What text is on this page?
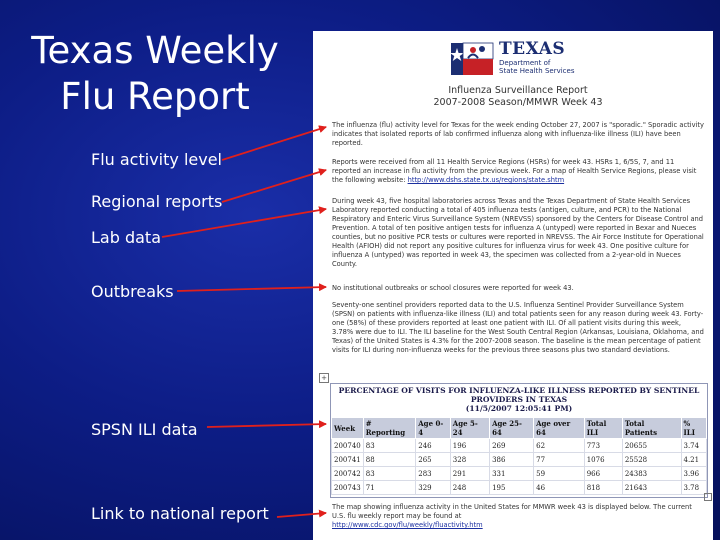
Texas Weekly
Flu Report
Flu activity level
Regional reports
Lab data
Outbreaks
SPSN ILI data
Link to national report
TEXAS
Department of
State Health Services
Influenza Surveillance Report
2007-2008 Season/MMWR Week 43
The influenza (flu) activity level for Texas for the week ending October 27, 2007 is "sporadic." Sporadic activity indicates that isolated reports of lab confirmed influenza along with influenza-like illness (ILI) have been reported.
Reports were received from all 11 Health Service Regions (HSRs) for week 43. HSRs 1, 6/5S, 7, and 11 reported an increase in flu activity from the previous week. For a map of Health Service Regions, please visit the following website: http://www.dshs.state.tx.us/regions/state.shtm
During week 43, five hospital laboratories across Texas and the Texas Department of State Health Services Laboratory reported conducting a total of 405 influenza tests (antigen, culture, and PCR) to the National Respiratory and Enteric Virus Surveillance System (NREVSS) sponsored by the Centers for Disease Control and Prevention. A total of ten positive antigen tests for influenza A (untyped) were reported in Bexar and Nueces counties, but no positive PCR tests or cultures were reported in NREVSS. The Air Force Institute for Operational Health (AFIOH) did not report any positive cultures for influenza virus for week 43. One positive culture for influenza A (untyped) was reported in week 43, the specimen was collected from a 2-year-old in Nueces County.
No institutional outbreaks or school closures were reported for week 43.
Seventy-one sentinel providers reported data to the U.S. Influenza Sentinel Provider Surveillance System (SPSN) on patients with influenza-like illness (ILI) and total patients seen for any reason during week 43. Forty-one (58%) of these providers reported at least one patient with ILI. Of all patient visits during this week, 3.78% were due to ILI. The ILI baseline for the West South Central Region (Arkansas, Louisiana, Oklahoma, and Texas) of the United States is 4.3% for the 2007-2008 season. The baseline is the mean percentage of patient visits for ILI during non-influenza weeks for the previous three seasons plus two standard deviations.
+
PERCENTAGE OF VISITS FOR INFLUENZA-LIKE ILLNESS REPORTED BY SENTINEL
PROVIDERS IN TEXAS
(11/5/2007 12:05:41 PM)
Week	# Reporting	Age 0-4	Age 5-24	Age 25-64	Age over 64	Total ILI	Total Patients	% ILI
200740	83	246	196	269	62	773	20655	3.74
200741	88	265	328	386	77	1076	25528	4.21
200742	83	283	291	331	59	966	24383	3.96
200743	71	329	248	195	46	818	21643	3.78
The map showing influenza activity in the United States for MMWR week 43 is displayed below. The current U.S. flu weekly report may be found at
http://www.cdc.gov/flu/weekly/fluactivity.htm
